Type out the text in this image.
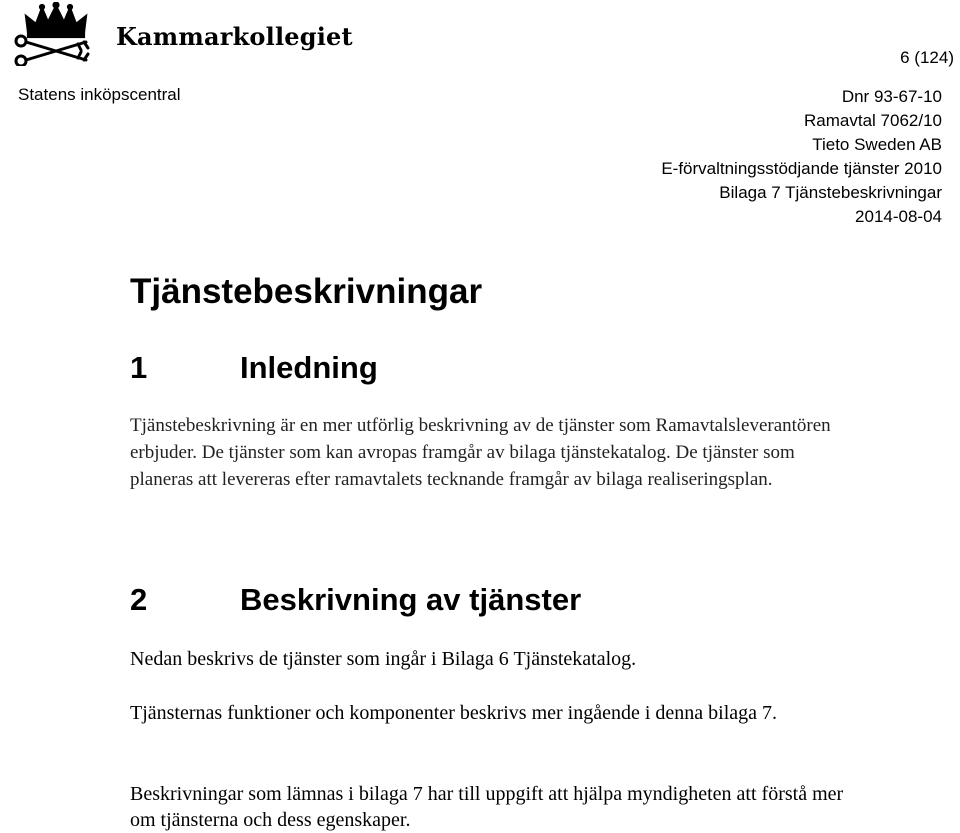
Kammarkollegiet
6 (124)
Statens inköpscentral	Dnr 93-67-10
Ramavtal 7062/10
Tieto Sweden AB
E-förvaltningsstödjande tjänster 2010
Bilaga 7 Tjänstebeskrivningar
2014-08-04
Tjänstebeskrivningar
1	Inledning

Tjänstebeskrivning är en mer utförlig beskrivning av de tjänster som Ramavtalsleverantören erbjuder. De tjänster som kan avropas framgår av bilaga tjänstekatalog. De tjänster som planeras att levereras efter ramavtalets tecknande framgår av bilaga realiseringsplan.

2	Beskrivning av tjänster

Nedan beskrivs de tjänster som ingår i Bilaga 6 Tjänstekatalog.

Tjänsternas funktioner och komponenter beskrivs mer ingående i denna bilaga 7.

Beskrivningar som lämnas i bilaga 7 har till uppgift att hjälpa myndigheten att förstå mer om tjänsterna och dess egenskaper.
